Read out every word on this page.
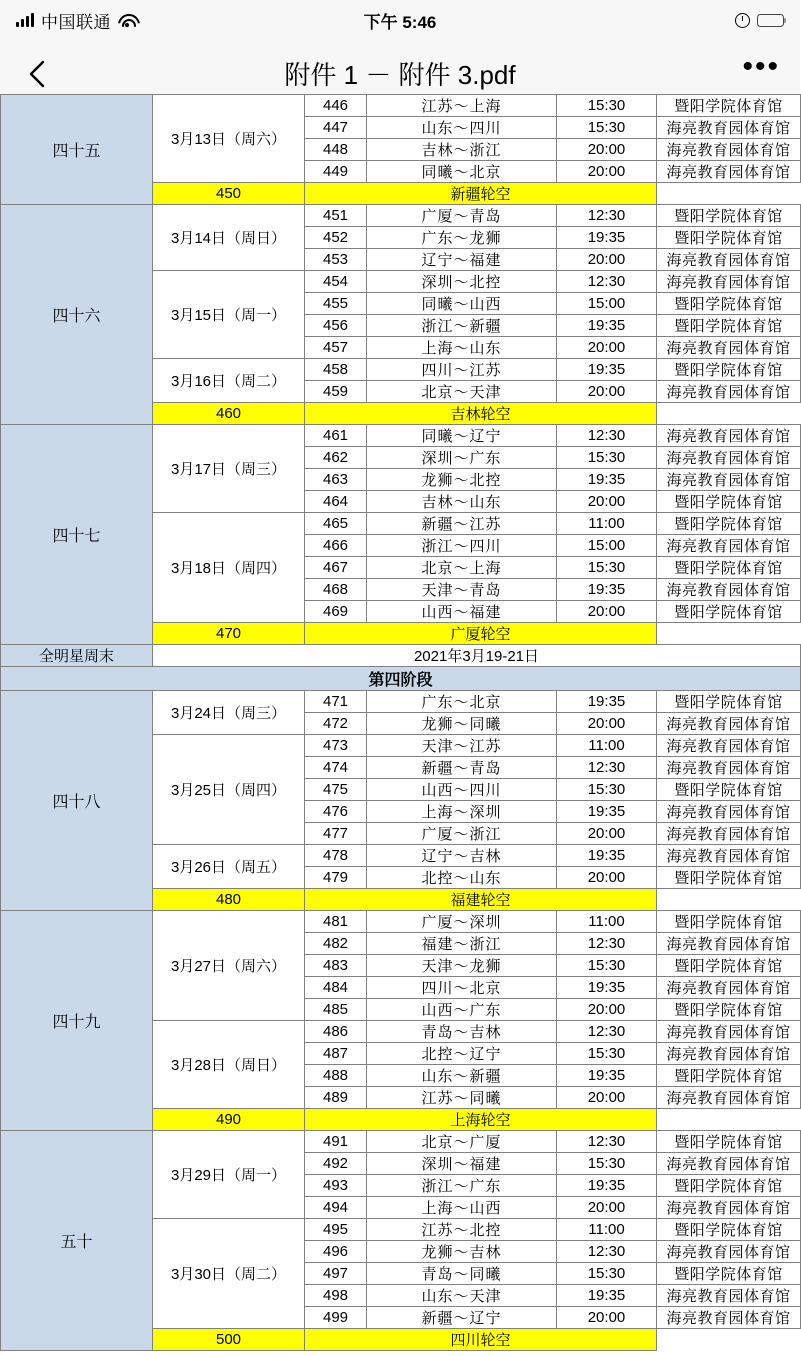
中国联通	下午 5:46
附件 1 － 附件 3.pdf	•••
四十五	3月13日（周六）	446	江苏～上海	15:30	暨阳学院体育馆
		447	山东～四川	15:30	海亮教育园体育馆
		448	吉林～浙江	20:00	海亮教育园体育馆
		449	同曦～北京	20:00	海亮教育园体育馆
	450	新疆轮空			
四十六	3月14日（周日）	451	广厦～青岛	12:30	暨阳学院体育馆
		452	广东～龙狮	19:35	暨阳学院体育馆
		453	辽宁～福建	20:00	海亮教育园体育馆
	3月15日（周一）	454	深圳～北控	12:30	海亮教育园体育馆
		455	同曦～山西	15:00	暨阳学院体育馆
		456	浙江～新疆	19:35	暨阳学院体育馆
		457	上海～山东	20:00	海亮教育园体育馆
	3月16日（周二）	458	四川～江苏	19:35	暨阳学院体育馆
		459	北京～天津	20:00	海亮教育园体育馆
	460	吉林轮空			
四十七	3月17日（周三）	461	同曦～辽宁	12:30	海亮教育园体育馆
		462	深圳～广东	15:30	海亮教育园体育馆
		463	龙狮～北控	19:35	海亮教育园体育馆
		464	吉林～山东	20:00	暨阳学院体育馆
	3月18日（周四）	465	新疆～江苏	11:00	暨阳学院体育馆
		466	浙江～四川	15:00	海亮教育园体育馆
		467	北京～上海	15:30	暨阳学院体育馆
		468	天津～青岛	19:35	海亮教育园体育馆
		469	山西～福建	20:00	暨阳学院体育馆
	470	广厦轮空			
全明星周末	2021年3月19-21日				
第四阶段					
四十八	3月24日（周三）	471	广东～北京	19:35	暨阳学院体育馆
		472	龙狮～同曦	20:00	海亮教育园体育馆
	3月25日（周四）	473	天津～江苏	11:00	海亮教育园体育馆
		474	新疆～青岛	12:30	海亮教育园体育馆
		475	山西～四川	15:30	暨阳学院体育馆
		476	上海～深圳	19:35	海亮教育园体育馆
		477	广厦～浙江	20:00	海亮教育园体育馆
	3月26日（周五）	478	辽宁～吉林	19:35	海亮教育园体育馆
		479	北控～山东	20:00	暨阳学院体育馆
	480	福建轮空			
四十九	3月27日（周六）	481	广厦～深圳	11:00	暨阳学院体育馆
		482	福建～浙江	12:30	海亮教育园体育馆
		483	天津～龙狮	15:30	暨阳学院体育馆
		484	四川～北京	19:35	海亮教育园体育馆
		485	山西～广东	20:00	暨阳学院体育馆
	3月28日（周日）	486	青岛～吉林	12:30	海亮教育园体育馆
		487	北控～辽宁	15:30	海亮教育园体育馆
		488	山东～新疆	19:35	暨阳学院体育馆
		489	江苏～同曦	20:00	海亮教育园体育馆
	490	上海轮空			
五十	3月29日（周一）	491	北京～广厦	12:30	暨阳学院体育馆
		492	深圳～福建	15:30	海亮教育园体育馆
		493	浙江～广东	19:35	暨阳学院体育馆
		494	上海～山西	20:00	海亮教育园体育馆
	3月30日（周二）	495	江苏～北控	11:00	暨阳学院体育馆
		496	龙狮～吉林	12:30	海亮教育园体育馆
		497	青岛～同曦	15:30	暨阳学院体育馆
		498	山东～天津	19:35	海亮教育园体育馆
		499	新疆～辽宁	20:00	海亮教育园体育馆
	500	四川轮空			
